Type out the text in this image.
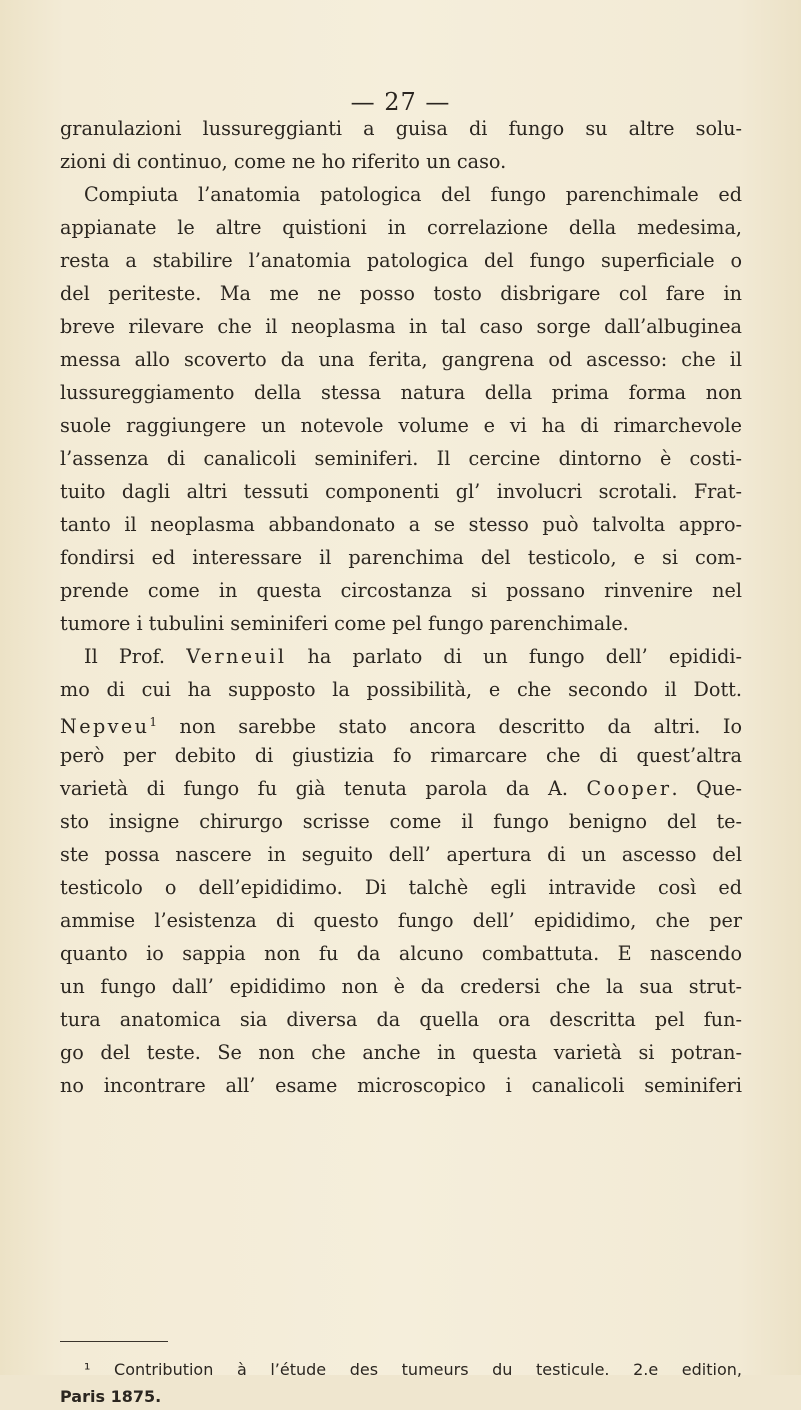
— 27 —
granulazioni lussureggianti a guisa di fungo su altre solu-
zioni di continuo, come ne ho riferito un caso.
Compiuta l’anatomia patologica del fungo parenchimale ed
appianate le altre quistioni in correlazione della medesima,
resta a stabilire l’anatomia patologica del fungo superficiale o
del periteste. Ma me ne posso tosto disbrigare col fare in
breve rilevare che il neoplasma in tal caso sorge dall’albuginea
messa allo scoverto da una ferita, gangrena od ascesso: che il
lussureggiamento della stessa natura della prima forma non
suole raggiungere un notevole volume e vi ha di rimarchevole
l’assenza di canalicoli seminiferi. Il cercine dintorno è costi-
tuito dagli altri tessuti componenti gl’ involucri scrotali. Frat-
tanto il neoplasma abbandonato a se stesso può talvolta appro-
fondirsi ed interessare il parenchima del testicolo, e si com-
prende come in questa circostanza si possano rinvenire nel
tumore i tubulini seminiferi come pel fungo parenchimale.
Il Prof. Verneuil ha parlato di un fungo dell’ epididi-
mo di cui ha supposto la possibilità, e che secondo il Dott.
Nepveu$^1$ non sarebbe stato ancora descritto da altri. Io
però per debito di giustizia fo rimarcare che di quest’altra
varietà di fungo fu già tenuta parola da A. Cooper. Que-
sto insigne chirurgo scrisse come il fungo benigno del te-
ste possa nascere in seguito dell’ apertura di un ascesso del
testicolo o dell’epididimo. Di talchè egli intravide così ed
ammise l’esistenza di questo fungo dell’ epididimo, che per
quanto io sappia non fu da alcuno combattuta. E nascendo
un fungo dall’ epididimo non è da credersi che la sua strut-
tura anatomica sia diversa da quella ora descritta pel fun-
go del teste. Se non che anche in questa varietà si potran-
no incontrare all’ esame microscopico i canalicoli seminiferi
¹ Contribution à l’étude des tumeurs du testicule. 2.e edition,
Paris 1875.
